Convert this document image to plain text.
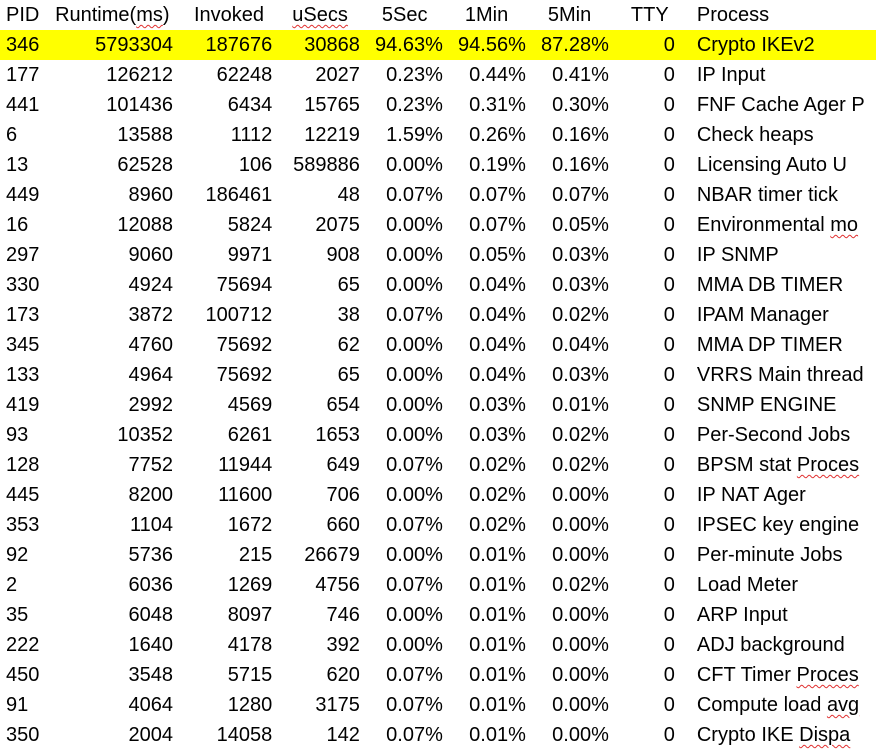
PID	Runtime(ms)	Invoked	uSecs	5Sec	1Min	5Min	TTY	Process
346	5793304	187676	30868	94.63%	94.56%	87.28%	0	Crypto IKEv2
177	126212	62248	2027	0.23%	0.44%	0.41%	0	IP Input
441	101436	6434	15765	0.23%	0.31%	0.30%	0	FNF Cache Ager P
6	13588	1112	12219	1.59%	0.26%	0.16%	0	Check heaps
13	62528	106	589886	0.00%	0.19%	0.16%	0	Licensing Auto U
449	8960	186461	48	0.07%	0.07%	0.07%	0	NBAR timer tick
16	12088	5824	2075	0.00%	0.07%	0.05%	0	Environmental mo
297	9060	9971	908	0.00%	0.05%	0.03%	0	IP SNMP
330	4924	75694	65	0.00%	0.04%	0.03%	0	MMA DB TIMER
173	3872	100712	38	0.07%	0.04%	0.02%	0	IPAM Manager
345	4760	75692	62	0.00%	0.04%	0.04%	0	MMA DP TIMER
133	4964	75692	65	0.00%	0.04%	0.03%	0	VRRS Main thread
419	2992	4569	654	0.00%	0.03%	0.01%	0	SNMP ENGINE
93	10352	6261	1653	0.00%	0.03%	0.02%	0	Per-Second Jobs
128	7752	11944	649	0.07%	0.02%	0.02%	0	BPSM stat Proces
445	8200	11600	706	0.00%	0.02%	0.00%	0	IP NAT Ager
353	1104	1672	660	0.07%	0.02%	0.00%	0	IPSEC key engine
92	5736	215	26679	0.00%	0.01%	0.00%	0	Per-minute Jobs
2	6036	1269	4756	0.07%	0.01%	0.02%	0	Load Meter
35	6048	8097	746	0.00%	0.01%	0.00%	0	ARP Input
222	1640	4178	392	0.00%	0.01%	0.00%	0	ADJ background
450	3548	5715	620	0.07%	0.01%	0.00%	0	CFT Timer Proces
91	4064	1280	3175	0.07%	0.01%	0.00%	0	Compute load avg
350	2004	14058	142	0.07%	0.01%	0.00%	0	Crypto IKE Dispa
